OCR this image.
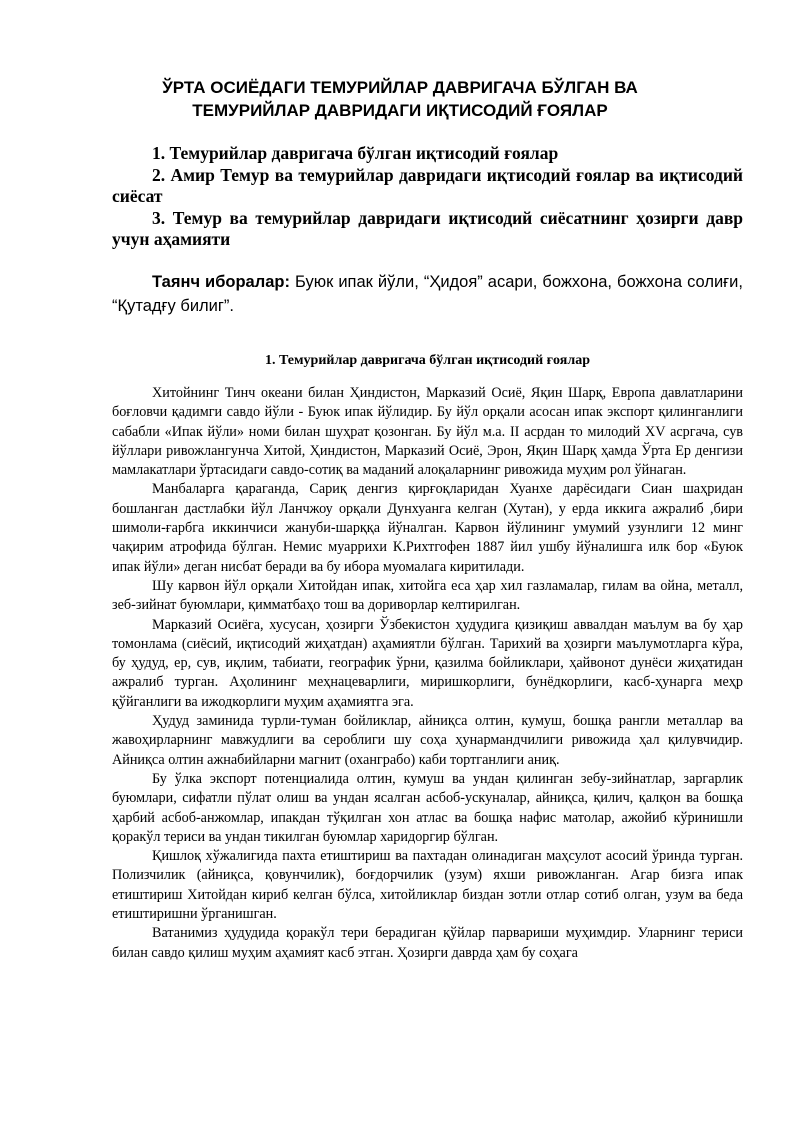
ЎРТА ОСИЁДАГИ ТЕМУРИЙЛАР ДАВРИГАЧА БЎЛГАН ВА
ТЕМУРИЙЛАР ДАВРИДАГИ ИҚТИСОДИЙ ҒОЯЛАР

1. Темурийлар давригача бўлган иқтисодий ғоялар

2. Амир Темур ва темурийлар давридаги иқтисодий ғоялар ва иқтисодий сиёсат

3. Темур ва темурийлар давридаги иқтисодий сиёсатнинг ҳозирги давр учун аҳамияти

Таянч иборалар: Буюк ипак йўли, “Ҳидоя” асари, божхона, божхона солиғи, “Қутадғу билиг”.

1. Темурийлар давригача бўлган иқтисодий ғоялар

Хитойнинг Тинч океани билан Ҳиндистон, Марказий Осиё, Яқин Шарқ, Европа давлатларини боғловчи қадимги савдо йўли - Буюк ипак йўлидир. Бу йўл орқали асосан ипак экспорт қилинганлиги сабабли «Ипак йўли» номи билан шуҳрат қозонган. Бу йўл м.а. II асрдан то милодий XV асргача, сув йўллари ривожлангунча Хитой, Ҳиндистон, Марказий Осиё, Эрон, Яқин Шарқ ҳамда Ўрта Ер денгизи мамлакатлари ўртасидаги савдо-сотиқ ва маданий алоқаларнинг ривожида муҳим рол ўйнаган.

Манбаларга қараганда, Сариқ денгиз қирғоқларидан Хуанхе дарёсидаги Сиан шаҳридан бошланган дастлабки йўл Ланчжоу орқали Дунхуанга келган (Хутан), у ерда иккига ажралиб ,бири шимоли-ғарбга иккинчиси жануби-шарққа йўналган. Карвон йўлининг умумий узунлиги 12 минг чақирим атрофида бўлган. Немис муаррихи К.Рихтгофен 1887 йил ушбу йўналишга илк бор «Буюк ипак йўли» деган нисбат беради ва бу ибора муомалага киритилади.

Шу карвон йўл орқали Хитойдан ипак, хитойга еса ҳар хил газламалар, гилам ва ойна, металл, зеб-зийнат буюмлари, қимматбаҳо тош ва дориворлар келтирилган.

Марказий Осиёга, хусусан, ҳозирги Ўзбекистон ҳудудига қизиқиш аввалдан маълум ва бу ҳар томонлама (сиёсий, иқтисодий жиҳатдан) аҳамиятли бўлган. Тарихий ва ҳозирги маълумотларга кўра, бу ҳудуд, ер, сув, иқлим, табиати, географик ўрни, қазилма бойликлари, ҳайвонот дунёси жиҳатидан ажралиб турган. Аҳолининг меҳнацеварлиги, миришкорлиги, бунёдкорлиги, касб-ҳунарга меҳр қўйганлиги ва ижодкорлиги муҳим аҳамиятга эга.

Ҳудуд заминида турли-туман бойликлар, айниқса олтин, кумуш, бошқа рангли металлар ва жавоҳирларнинг мавжудлиги ва сероблиги шу соҳа ҳунармандчилиги ривожида ҳал қилувчидир. Айниқса олтин ажнабийларни магнит (оханграбо) каби тортганлиги аниқ.

Бу ўлка экспорт потенциалида олтин, кумуш ва ундан қилинган зебу-зийнатлар, заргарлик буюмлари, сифатли пўлат олиш ва ундан ясалган асбоб-ускуналар, айниқса, қилич, қалқон ва бошқа ҳарбий асбоб-анжомлар, ипакдан тўқилган хон атлас ва бошқа нафис матолар, ажойиб кўринишли қоракўл териси ва ундан тикилган буюмлар харидоргир бўлган.

Қишлоқ хўжалигида пахта етиштириш ва пахтадан олинадиган маҳсулот асосий ўринда турган. Полизчилик (айниқса, қовунчилик), боғдорчилик (узум) яхши ривожланган. Агар бизга ипак етиштириш Хитойдан кириб келган бўлса, хитойликлар биздан зотли отлар сотиб олган, узум ва беда етиштиришни ўрганишган.

Ватанимиз ҳудудида қоракўл тери берадиган қўйлар парвариши муҳимдир. Уларнинг териси билан савдо қилиш муҳим аҳамият касб этган. Ҳозирги даврда ҳам бу соҳага
